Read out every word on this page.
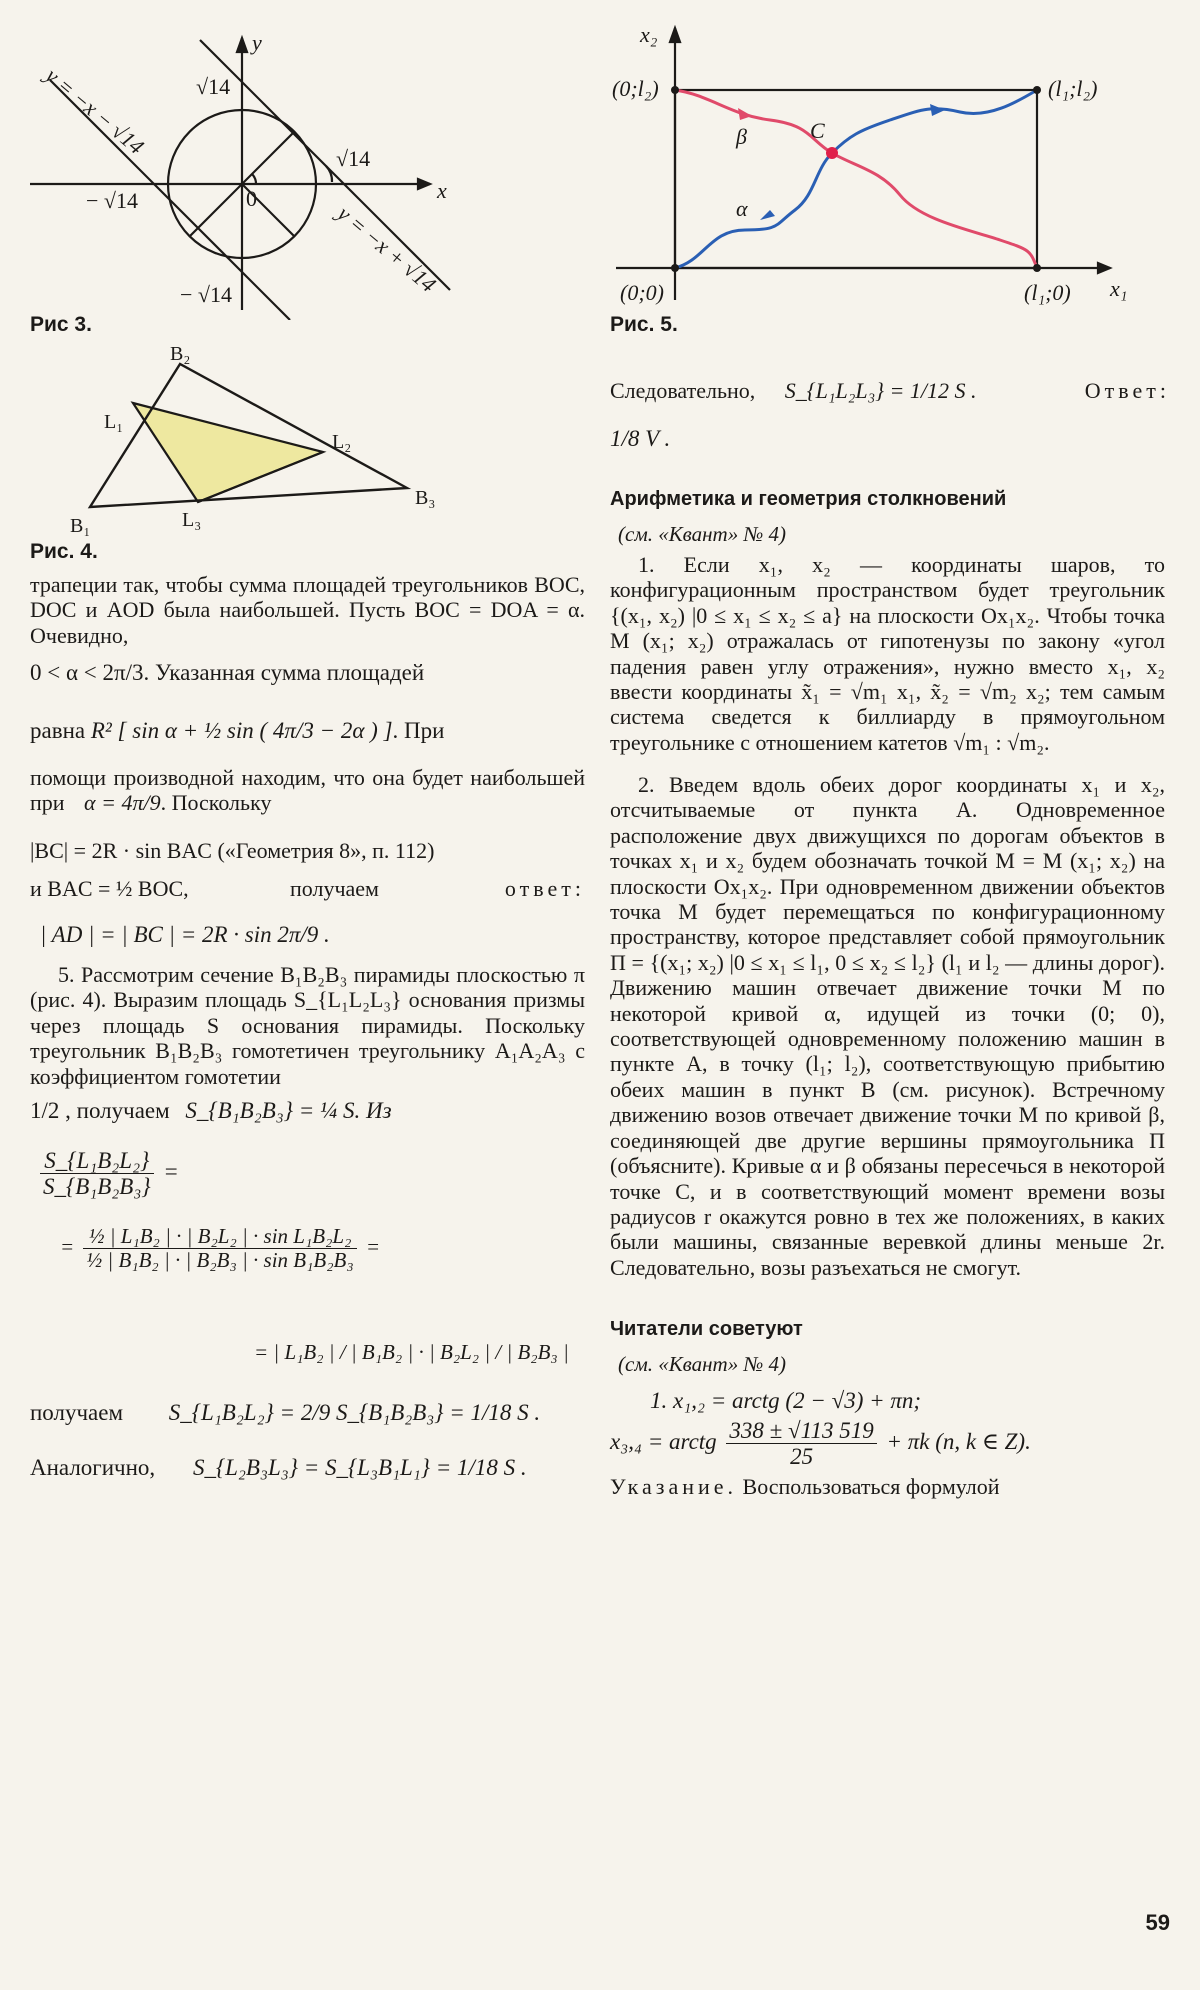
y
x
√14
√14
− √14
− √14
0
y = −x − √14
y = −x + √14
Рис 3.
B₂
L₁
L₂
B₃
B₁	L₃
Рис. 4.

трапеции так, чтобы сумма площадей треугольников BOC, DOC и AOD была наибольшей. Пусть BOC = DOA = α. Очевидно,

0 < α < 2π/3. Указанная сумма площадей
равна R² [ sin α + ½ sin ( 4π/3 − 2α ) ]. При

помощи производной находим, что она будет наибольшей при α = 4π/9. Поскольку

|BC| = 2R · sin BAC («Геометрия 8», п. 112)
и BAC = ½ BOC,	получаем	ответ:
| AD | = | BC | = 2R · sin 2π/9 .

5. Рассмотрим сечение B₁B₂B₃ пирамиды плоскостью π (рис. 4). Выразим площадь S_{L₁L₂L₃} основания призмы через площадь S основания пирамиды. Поскольку треугольник B₁B₂B₃ гомотетичен треугольнику A₁A₂A₃ с коэффициентом гомотетии

1/2 , получаем S_{B₁B₂B₃} = ¼ S. Из
$\frac{\text{S\_\{L₁B₂L₂\}}}{\text{S\_\{B₁B₂B₃\}}}$ =
= $\frac{\text{½ | L₁B₂ | · | B₂L₂ | · sin L₁B₂L₂}}{\text{½ | B₁B₂ | · | B₂B₃ | · sin B₁B₂B₃}}$ =
= | L₁B₂ | / | B₁B₂ | · | B₂L₂ | / | B₂B₃ |
получаем S_{L₁B₂L₂} = 2/9 S_{B₁B₂B₃} = 1/18 S .
Аналогично, S_{L₂B₃L₃} = S_{L₃B₁L₁} = 1/18 S .
x₂
x₁
(0;l₂)	(l₁;l₂)
(0;0)	(l₁;0)
β
α
C
Рис. 5.
Следовательно, S_{L₁L₂L₃} = 1/12 S .	Ответ:
1/8 V .
Арифметика и геометрия столкновений
(см. «Квант» № 4)

1. Если x₁, x₂ — координаты шаров, то конфигурационным пространством будет треугольник {(x₁, x₂) |0 ≤ x₁ ≤ x₂ ≤ a} на плоскости Ox₁x₂. Чтобы точка M (x₁; x₂) отражалась от гипотенузы по закону «угол падения равен углу отражения», нужно вместо x₁, x₂ ввести координаты x̃₁ = √m₁ x₁, x̃₂ = √m₂ x₂; тем самым система сведется к биллиарду в прямоугольном треугольнике с отношением катетов √m₁ : √m₂.

2. Введем вдоль обеих дорог координаты x₁ и x₂, отсчитываемые от пункта A. Одновременное расположение двух движущихся по дорогам объектов в точках x₁ и x₂ будем обозначать точкой M = M (x₁; x₂) на плоскости Ox₁x₂. При одновременном движении объектов точка M будет перемещаться по конфигурационному пространству, которое представляет собой прямоугольник П = {(x₁; x₂) |0 ≤ x₁ ≤ l₁, 0 ≤ x₂ ≤ l₂} (l₁ и l₂ — длины дорог). Движению машин отвечает движение точки M по некоторой кривой α, идущей из точки (0; 0), соответствующей одновременному положению машин в пункте A, в точку (l₁; l₂), соответствующую прибытию обеих машин в пункт B (см. рисунок). Встречному движению возов отвечает движение точки M по кривой β, соединяющей две другие вершины прямоугольника П (объясните). Кривые α и β обязаны пересечься в некоторой точке C, и в соответствующий момент времени возы радиусов r окажутся ровно в тех же положениях, в каких были машины, связанные веревкой длины меньше 2r. Следовательно, возы разъехаться не смогут.

Читатели советуют
(см. «Квант» № 4)
1. x₁,₂ = arctg (2 − √3) + πn;
x₃,₄ = arctg $\frac{338 \pm √113 519}{25} + \pi k$ (n, k ∈ Z).
Указание. Воспользоваться формулой
59
